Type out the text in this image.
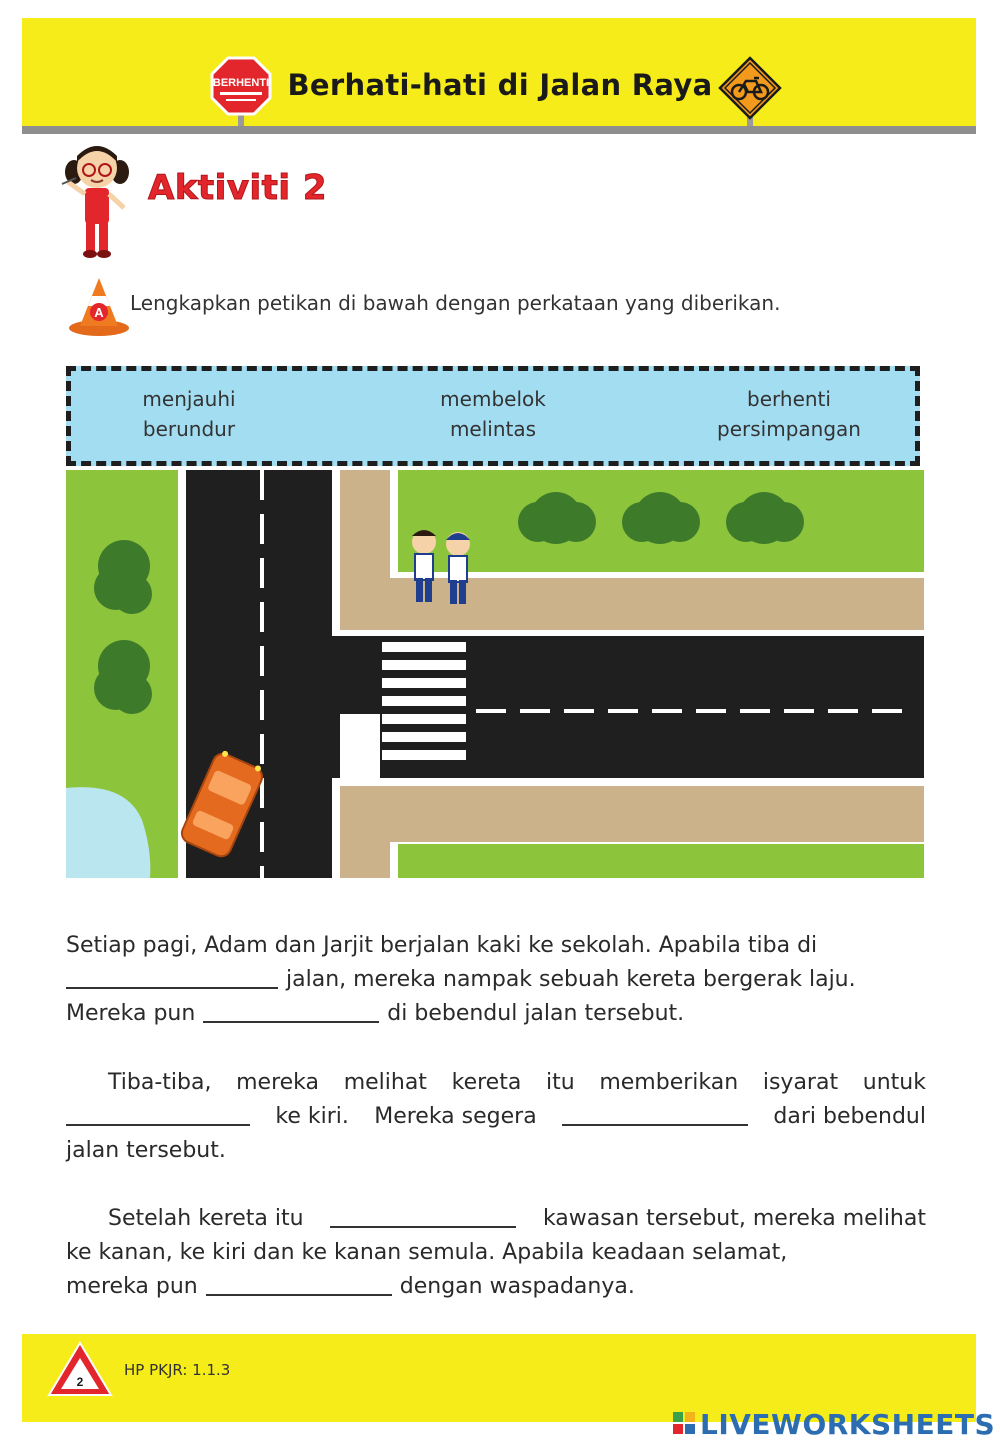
BERHENTI Berhati-hati di Jalan Raya
Aktiviti 2
A Lengkapkan petikan di bawah dengan perkataan yang diberikan.
menjauhi
berundur
membelok
melintas
berhenti
persimpangan
Setiap pagi, Adam dan Jarjit berjalan kaki ke sekolah. Apabila tiba di
jalan, mereka nampak sebuah kereta bergerak laju.
Mereka pun	di bebendul jalan tersebut.
Tiba-tiba, mereka melihat kereta itu memberikan isyarat untuk
ke kiri. Mereka segera	dari bebendul
jalan tersebut.
Setelah kereta itu	kawasan tersebut, mereka melihat
ke kanan, ke kiri dan ke kanan semula. Apabila keadaan selamat,
mereka pun	dengan waspadanya.
2
HP PKJR: 1.1.3
LIVEWORKSHEETS
